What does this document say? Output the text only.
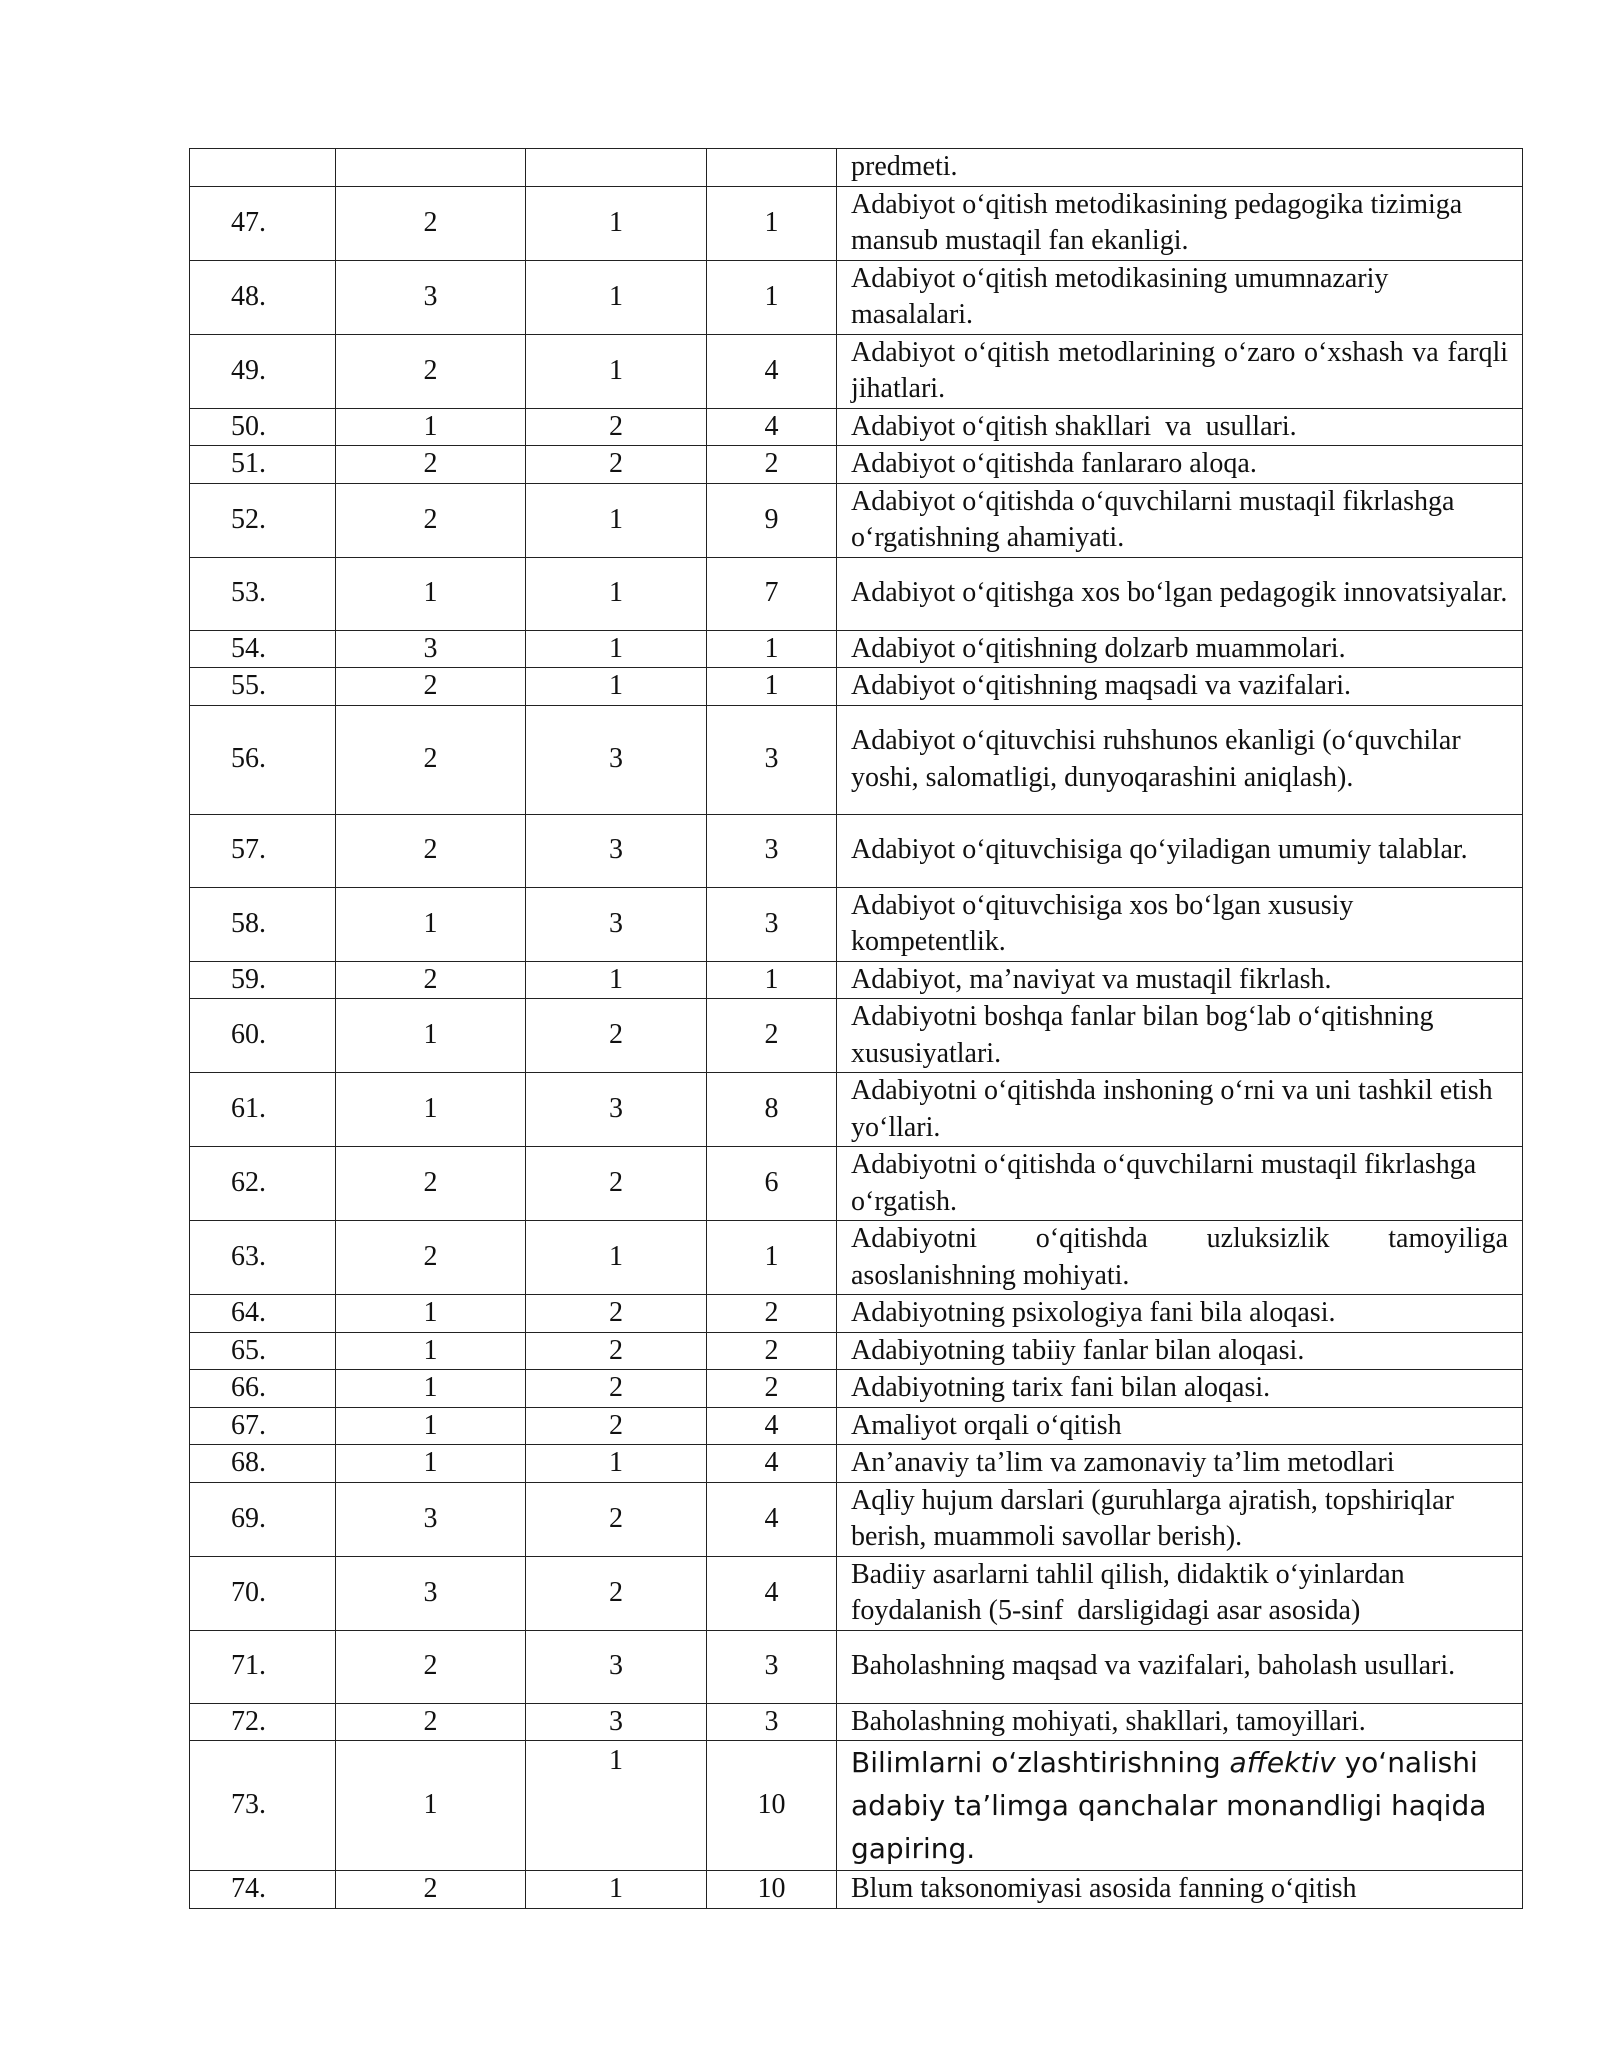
				predmeti.
47.	2	1	1	Adabiyot o‘qitish metodikasining pedagogika tizimiga mansub mustaqil fan ekanligi.
48.	3	1	1	Adabiyot o‘qitish metodikasining umumnazariy masalalari.
49.	2	1	4	Adabiyot o‘qitish metodlarining o‘zaro o‘xshash va farqli jihatlari.
50.	1	2	4	Adabiyot o‘qitish shakllari  va  usullari.
51.	2	2	2	Adabiyot o‘qitishda fanlararo aloqa.
52.	2	1	9	Adabiyot o‘qitishda o‘quvchilarni mustaqil fikrlashga o‘rgatishning ahamiyati.
53.	1	1	7	Adabiyot o‘qitishga xos bo‘lgan pedagogik innovatsiyalar.
54.	3	1	1	Adabiyot o‘qitishning dolzarb muammolari.
55.	2	1	1	Adabiyot o‘qitishning maqsadi va vazifalari.
56.	2	3	3	Adabiyot o‘qituvchisi ruhshunos ekanligi (o‘quvchilar yoshi, salomatligi, dunyoqarashini aniqlash).
57.	2	3	3	Adabiyot o‘qituvchisiga qo‘yiladigan umumiy talablar.
58.	1	3	3	Adabiyot o‘qituvchisiga xos bo‘lgan xususiy kompetentlik.
59.	2	1	1	Adabiyot, ma’naviyat va mustaqil fikrlash.
60.	1	2	2	Adabiyotni boshqa fanlar bilan bog‘lab o‘qitishning xususiyatlari.
61.	1	3	8	Adabiyotni o‘qitishda inshoning o‘rni va uni tashkil etish yo‘llari.
62.	2	2	6	Adabiyotni o‘qitishda o‘quvchilarni mustaqil fikrlashga o‘rgatish.
63.	2	1	1	Adabiyotni o‘qitishda uzluksizlik tamoyiliga asoslanishning mohiyati.
64.	1	2	2	Adabiyotning psixologiya fani bila aloqasi.
65.	1	2	2	Adabiyotning tabiiy fanlar bilan aloqasi.
66.	1	2	2	Adabiyotning tarix fani bilan aloqasi.
67.	1	2	4	Amaliyot orqali o‘qitish
68.	1	1	4	An’anaviy ta’lim va zamonaviy ta’lim metodlari
69.	3	2	4	Aqliy hujum darslari (guruhlarga ajratish, topshiriqlar berish, muammoli savollar berish).
70.	3	2	4	Badiiy asarlarni tahlil qilish, didaktik o‘yinlardan foydalanish (5-sinf  darsligidagi asar asosida)
71.	2	3	3	Baholashning maqsad va vazifalari, baholash usullari.
72.	2	3	3	Baholashning mohiyati, shakllari, tamoyillari.
73.	1	1	10	Bilimlarni o‘zlashtirishning affektiv yo‘nalishi adabiy ta’limga qanchalar monandligi haqida gapiring.
74.	2	1	10	Blum taksonomiyasi asosida fanning o‘qitish
